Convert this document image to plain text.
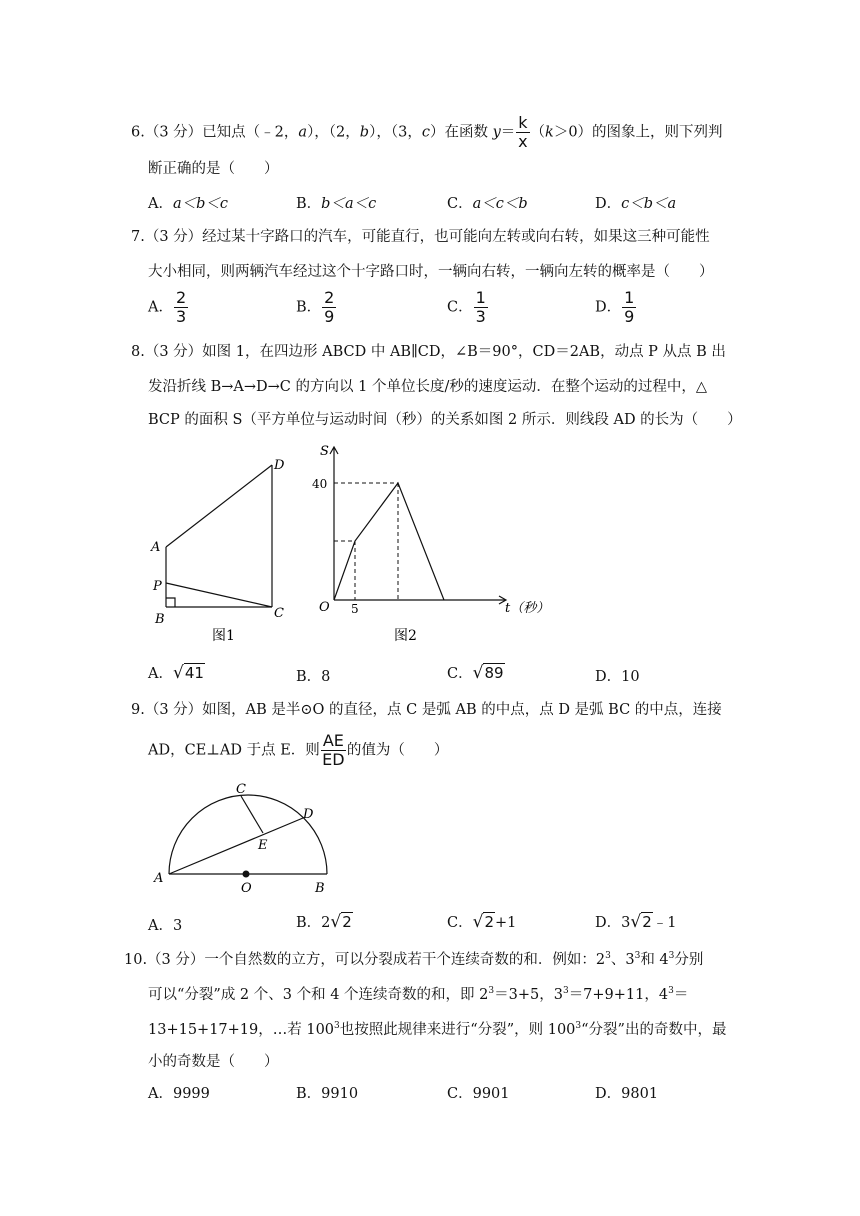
6.（3 分）已知点（﹣2，a），（2，b），（3，c）在函数 $y= \frac{k}{x} (k>0)$的图象上，则下列判
断正确的是（　　）
A．a＜b＜c	B．b＜a＜c	C．a＜c＜b	D．c＜b＜a
7.（3 分）经过某十字路口的汽车，可能直行，也可能向左转或向右转，如果这三种可能性
大小相同，则两辆汽车经过这个十字路口时，一辆向右转，一辆向左转的概率是（　　）
A． $\frac{2}{3}$	B． $\frac{2}{9}$	C． $\frac{1}{3}$	D． $\frac{1}{9}$
8.（3 分）如图 1，在四边形 ABCD 中 AB∥CD，∠B＝90°，CD＝2AB，动点 P 从点 B 出
发沿折线 B→A→D→C 的方向以 1 个单位长度/秒的速度运动．在整个运动的过程中，△
BCP 的面积 S（平方单位与运动时间（秒）的关系如图 2 所示．则线段 AD 的长为（　　）
D
A
P
B	C
图1
S
40
O 5	t（秒）
图2
A．√41	B．8	C．√89	D．10
9.（3 分）如图，AB 是半⊙O 的直径，点 C 是弧 AB 的中点，点 D 是弧 BC 的中点，连接
AD，CE⊥AD 于点 E．则 $\frac{AE}{ED}$ 的值为（　　）
C
D
E
A
O	B
A．3	B．2√2	C．√2+1	D．3√2﹣1
10.（3 分）一个自然数的立方，可以分裂成若干个连续奇数的和．例如：$2^3$、$3^3$和 $4^3$分别
可以“分裂”成 2 个、3 个和 4 个连续奇数的和，即 $2^3=3+5$，$3^3=7+9+11$，$4^3=$
13+15+17+19，…若 $100^3$也按照此规律来进行“分裂”，则 $100^3“$分裂”出的奇数中，最
小的奇数是（　　）
A．9999	B．9910	C．9901	D．9801
